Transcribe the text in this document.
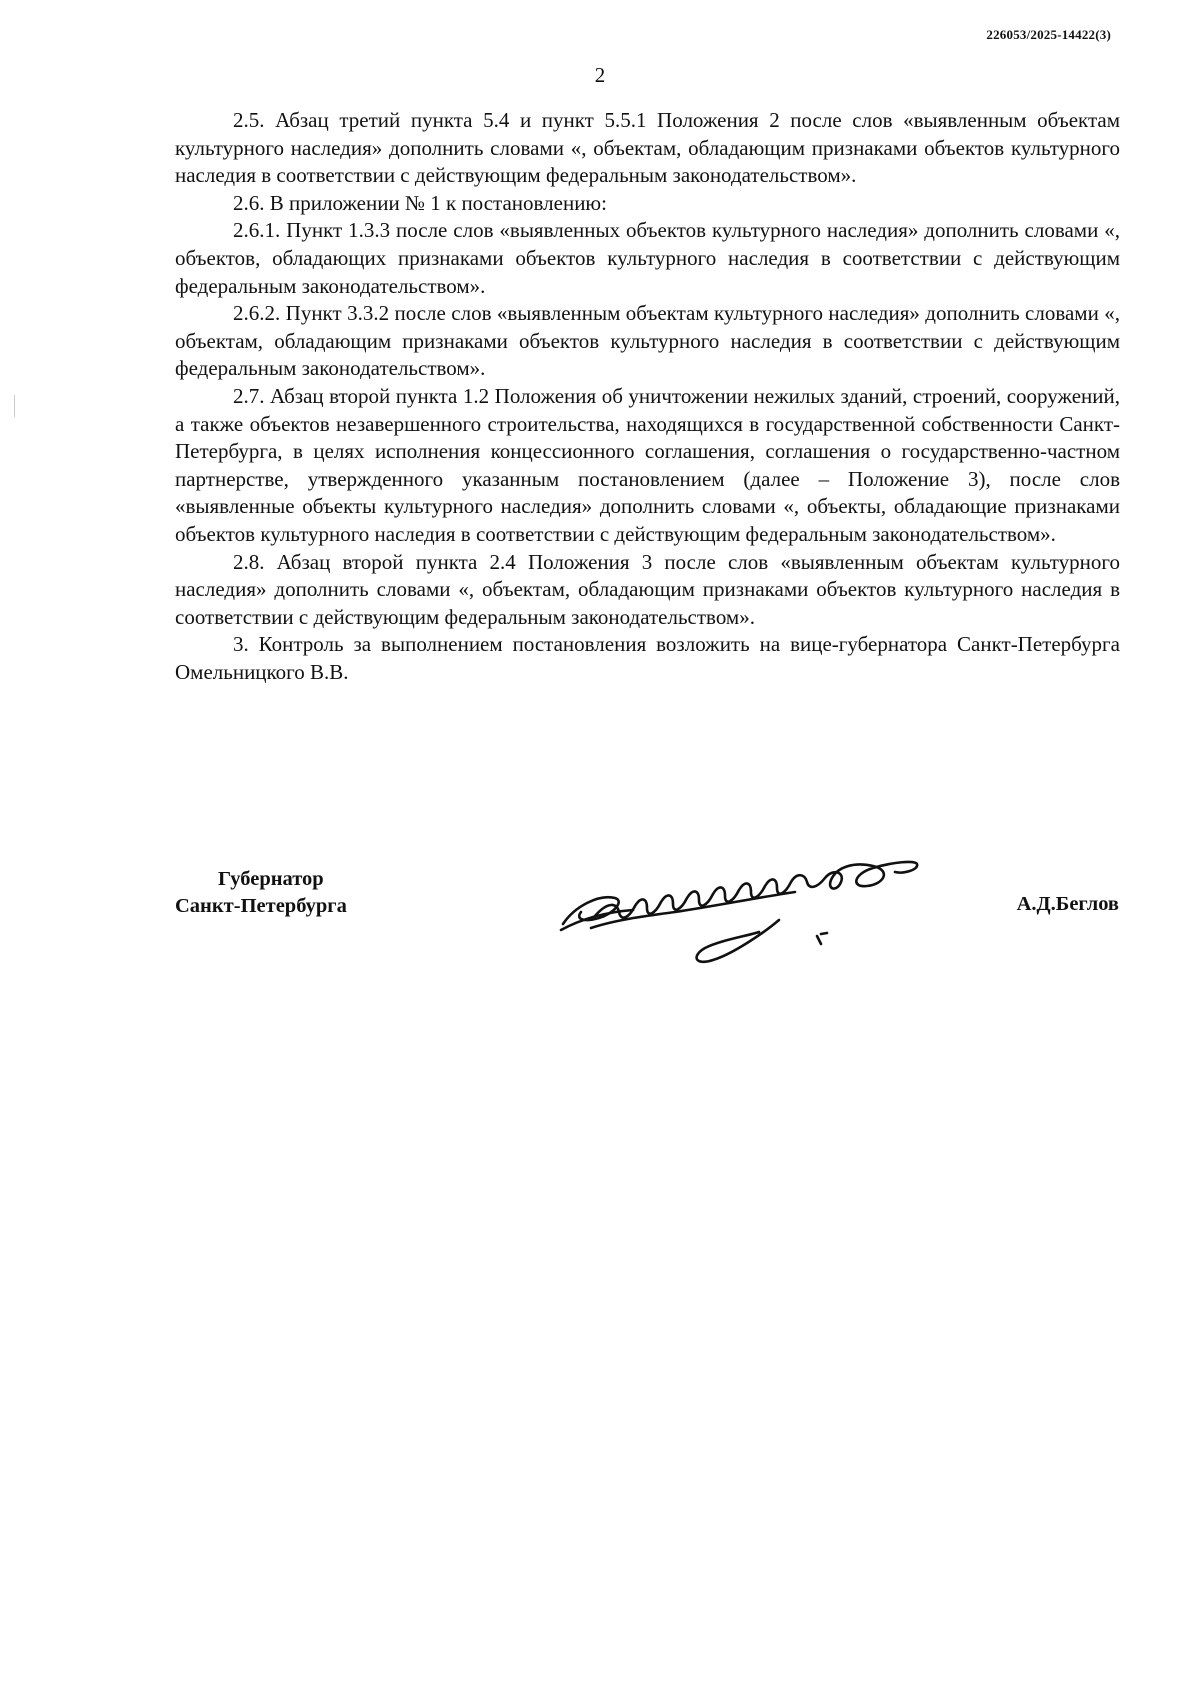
226053/2025-14422(3)
2

2.5. Абзац третий пункта 5.4 и пункт 5.5.1 Положения 2 после слов «выявленным объектам культурного наследия» дополнить словами «, объектам, обладающим признаками объектов культурного наследия в соответствии с действующим федеральным законодательством».

2.6. В приложении № 1 к постановлению:

2.6.1. Пункт 1.3.3 после слов «выявленных объектов культурного наследия» дополнить словами «, объектов, обладающих признаками объектов культурного наследия в соответствии с действующим федеральным законодательством».

2.6.2. Пункт 3.3.2 после слов «выявленным объектам культурного наследия» дополнить словами «, объектам, обладающим признаками объектов культурного наследия в соответствии с действующим федеральным законодательством».

2.7. Абзац второй пункта 1.2 Положения об уничтожении нежилых зданий, строений, сооружений, а также объектов незавершенного строительства, находящихся в государственной собственности Санкт-Петербурга, в целях исполнения концессионного соглашения, соглашения о государственно-частном партнерстве, утвержденного указанным постановлением (далее – Положение 3), после слов «выявленные объекты культурного наследия» дополнить словами «, объекты, обладающие признаками объектов культурного наследия в соответствии с действующим федеральным законодательством».

2.8. Абзац второй пункта 2.4 Положения 3 после слов «выявленным объектам культурного наследия» дополнить словами «, объектам, обладающим признаками объектов культурного наследия в соответствии с действующим федеральным законодательством».

3. Контроль за выполнением постановления возложить на вице-губернатора Санкт-Петербурга Омельницкого В.В.

Губернатор
Санкт-Петербурга	А.Д.Беглов
